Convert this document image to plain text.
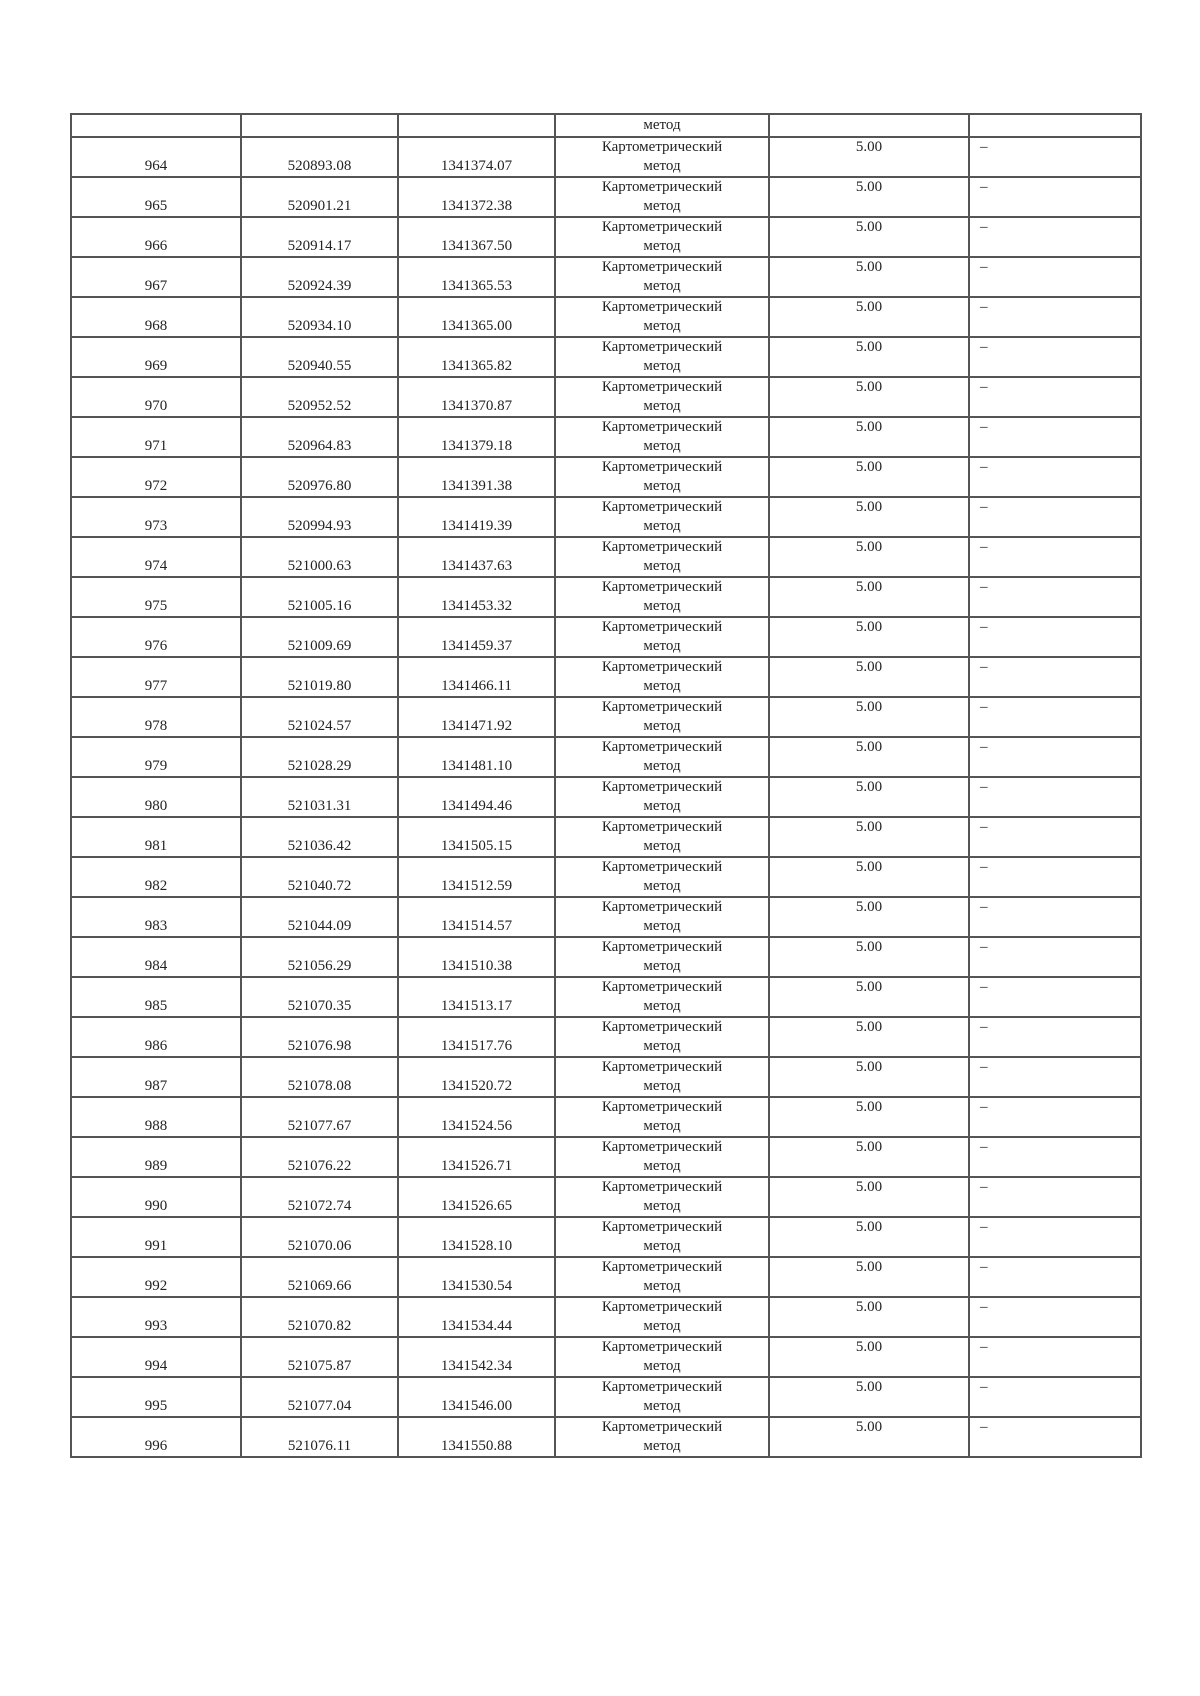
			метод		

964	520893.08	1341374.07	Картометрический
метод	5.00	–
965	520901.21	1341372.38	Картометрический
метод	5.00	–
966	520914.17	1341367.50	Картометрический
метод	5.00	–
967	520924.39	1341365.53	Картометрический
метод	5.00	–
968	520934.10	1341365.00	Картометрический
метод	5.00	–
969	520940.55	1341365.82	Картометрический
метод	5.00	–
970	520952.52	1341370.87	Картометрический
метод	5.00	–
971	520964.83	1341379.18	Картометрический
метод	5.00	–
972	520976.80	1341391.38	Картометрический
метод	5.00	–
973	520994.93	1341419.39	Картометрический
метод	5.00	–
974	521000.63	1341437.63	Картометрический
метод	5.00	–
975	521005.16	1341453.32	Картометрический
метод	5.00	–
976	521009.69	1341459.37	Картометрический
метод	5.00	–
977	521019.80	1341466.11	Картометрический
метод	5.00	–
978	521024.57	1341471.92	Картометрический
метод	5.00	–
979	521028.29	1341481.10	Картометрический
метод	5.00	–
980	521031.31	1341494.46	Картометрический
метод	5.00	–
981	521036.42	1341505.15	Картометрический
метод	5.00	–
982	521040.72	1341512.59	Картометрический
метод	5.00	–
983	521044.09	1341514.57	Картометрический
метод	5.00	–
984	521056.29	1341510.38	Картометрический
метод	5.00	–
985	521070.35	1341513.17	Картометрический
метод	5.00	–
986	521076.98	1341517.76	Картометрический
метод	5.00	–
987	521078.08	1341520.72	Картометрический
метод	5.00	–
988	521077.67	1341524.56	Картометрический
метод	5.00	–
989	521076.22	1341526.71	Картометрический
метод	5.00	–
990	521072.74	1341526.65	Картометрический
метод	5.00	–
991	521070.06	1341528.10	Картометрический
метод	5.00	–
992	521069.66	1341530.54	Картометрический
метод	5.00	–
993	521070.82	1341534.44	Картометрический
метод	5.00	–
994	521075.87	1341542.34	Картометрический
метод	5.00	–
995	521077.04	1341546.00	Картометрический
метод	5.00	–
996	521076.11	1341550.88	Картометрический
метод	5.00	–
